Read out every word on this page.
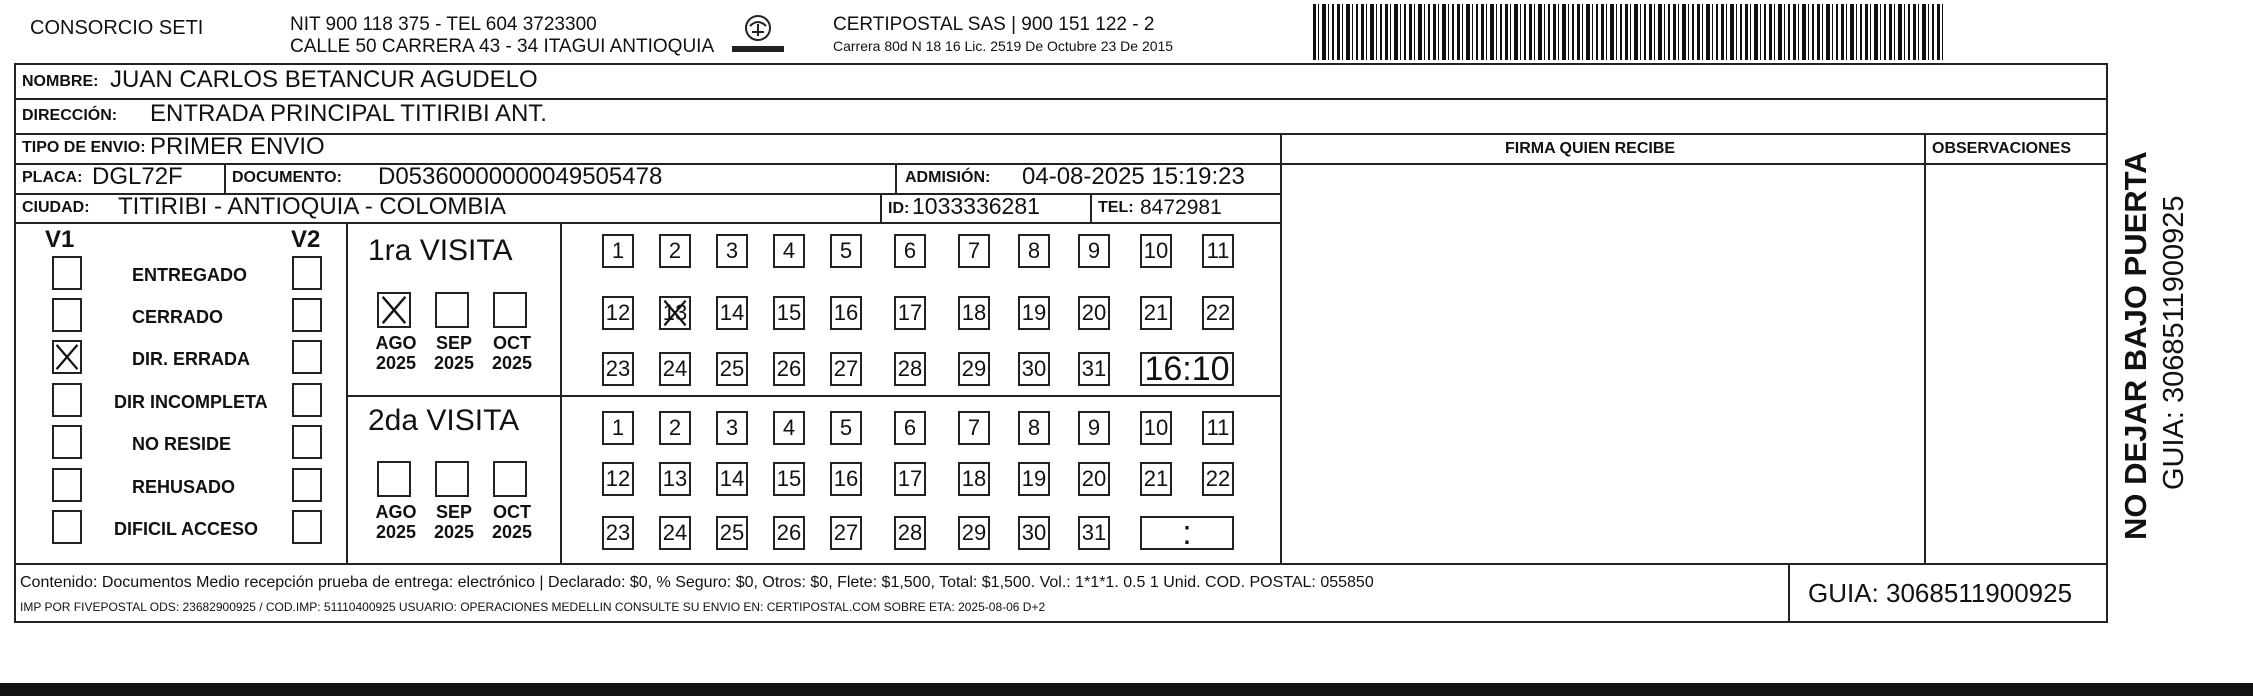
CONSORCIO SETI	NIT 900 118 375 - TEL 604 3723300
CALLE 50 CARRERA 43 - 34 ITAGUI ANTIOQUIA
CERTIPOSTAL SAS | 900 151 122 - 2
Carrera 80d N 18 16 Lic. 2519 De Octubre 23 De 2015
NOMBRE: JUAN CARLOS BETANCUR AGUDELO
DIRECCIÓN: ENTRADA PRINCIPAL TITIRIBI ANT.
TIPO DE ENVIO: PRIMER ENVIO	FIRMA QUIEN RECIBE	OBSERVACIONES
PLACA: DGL72F	DOCUMENTO: D05360000000049505478	ADMISIÓN: 04-08-2025 15:19:23
CIUDAD: TITIRIBI - ANTIOQUIA - COLOMBIA	ID: 1033336281	TEL: 8472981
V1	V2
ENTREGADO
CERRADO
DIR. ERRADA
DIR INCOMPLETA
NO RESIDE
REHUSADO
DIFICIL ACCESO
1ra VISITA
2da VISITA
AGO
2025
SEP
2025
OCT
2025
AGO
2025
SEP
2025
OCT
2025
1	2	3	4	5	6	7	8	9	10 11
12 13 14 15 16 17 18 19 20 21 22
23 24 25 26 27 28 29 30 31 16:10
1	2	3	4	5	6	7	8	9	10 11
12 13 14 15 16 17 18 19 20 21 22
23 24 25 26 27 28 29 30 31	:
Contenido: Documentos Medio recepción prueba de entrega: electrónico | Declarado: $0, % Seguro: $0, Otros: $0, Flete: $1,500, Total: $1,500. Vol.: 1*1*1. 0.5 1 Unid. COD. POSTAL: 055850
IMP POR FIVEPOSTAL ODS: 23682900925 / COD.IMP: 51110400925 USUARIO: OPERACIONES MEDELLIN CONSULTE SU ENVIO EN: CERTIPOSTAL.COM SOBRE ETA: 2025-08-06 D+2	GUIA: 3068511900925
NO DEJAR BAJO PUERTA GUIA: 3068511900925
